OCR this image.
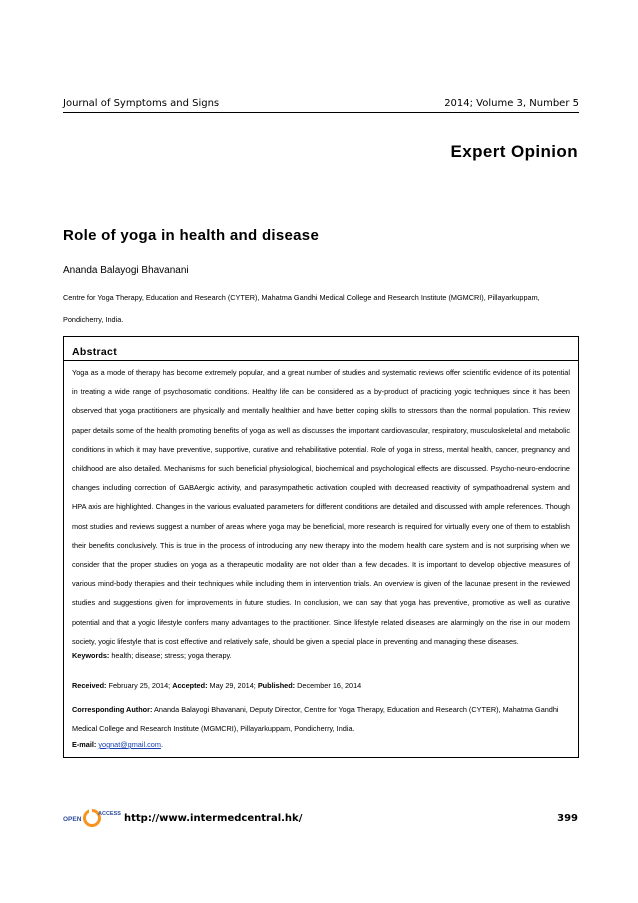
Journal of Symptoms and Signs	2014; Volume 3, Number 5
Expert Opinion
Role of yoga in health and disease
Ananda Balayogi Bhavanani
Centre for Yoga Therapy, Education and Research (CYTER), Mahatma Gandhi Medical College and Research Institute (MGMCRI), Pillayarkuppam, Pondicherry, India.
Abstract
Yoga as a mode of therapy has become extremely popular, and a great number of studies and systematic reviews offer scientific evidence of its potential in treating a wide range of psychosomatic conditions. Healthy life can be considered as a by-product of practicing yogic techniques since it has been observed that yoga practitioners are physically and mentally healthier and have better coping skills to stressors than the normal population. This review paper details some of the health promoting benefits of yoga as well as discusses the important cardiovascular, respiratory, musculoskeletal and metabolic conditions in which it may have preventive, supportive, curative and rehabilitative potential. Role of yoga in stress, mental health, cancer, pregnancy and childhood are also detailed. Mechanisms for such beneficial physiological, biochemical and psychological effects are discussed. Psycho-neuro-endocrine changes including correction of GABAergic activity, and parasympathetic activation coupled with decreased reactivity of sympathoadrenal system and HPA axis are highlighted. Changes in the various evaluated parameters for different conditions are detailed and discussed with ample references. Though most studies and reviews suggest a number of areas where yoga may be beneficial, more research is required for virtually every one of them to establish their benefits conclusively. This is true in the process of introducing any new therapy into the modern health care system and is not surprising when we consider that the proper studies on yoga as a therapeutic modality are not older than a few decades. It is important to develop objective measures of various mind-body therapies and their techniques while including them in intervention trials. An overview is given of the lacunae present in the reviewed studies and suggestions given for improvements in future studies. In conclusion, we can say that yoga has preventive, promotive as well as curative potential and that a yogic lifestyle confers many advantages to the practitioner. Since lifestyle related diseases are alarmingly on the rise in our modern society, yogic lifestyle that is cost effective and relatively safe, should be given a special place in preventing and managing these diseases.
Keywords: health; disease; stress; yoga therapy.
Received: February 25, 2014; Accepted: May 29, 2014; Published: December 16, 2014
Corresponding Author: Ananda Balayogi Bhavanani, Deputy Director, Centre for Yoga Therapy, Education and Research (CYTER), Mahatma Gandhi Medical College and Research Institute (MGMCRI), Pillayarkuppam, Pondicherry, India.
E-mail: yognat@gmail.com.
OPEN
ACCESS http://www.intermedcentral.hk/	399
